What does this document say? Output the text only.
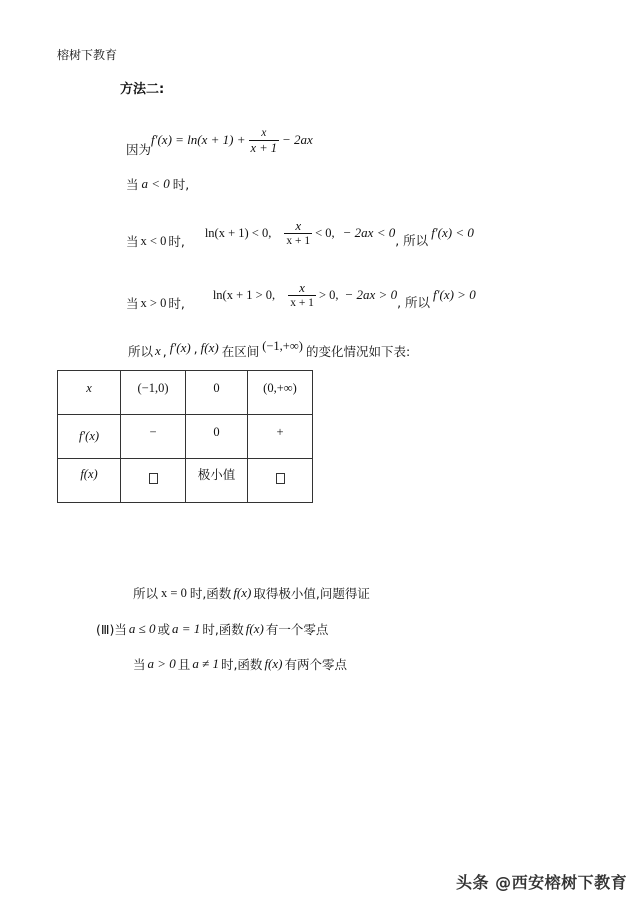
榕树下教育
方法二:
因为
$f'(x) = \ln(x + 1) + \frac{x}{x + 1} - 2ax$
当 a < 0 时,
当 x < 0 时,
ln(x + 1) < 0, $\frac{x}{x + 1} < 0$, − 2ax < 0
, 所以
f′(x) < 0
当 x > 0 时,
ln(x + 1 > 0, $\frac{x}{x + 1} > 0$, − 2ax > 0
, 所以
f′(x) > 0
所以 x , f′(x) , f(x) 在区间 (−1,+∞) 的变化情况如下表:
x	(−1,0)	0	(0,+∞)
f′(x)	−	0	+
f(x)		极小值	
所以 x = 0 时,函数 f(x) 取得极小值,问题得证
(Ⅲ)当 a ≤ 0 或 a = 1 时,函数 f(x) 有一个零点
当 a > 0 且 a ≠ 1 时,函数 f(x) 有两个零点
头条 @西安榕树下教育
